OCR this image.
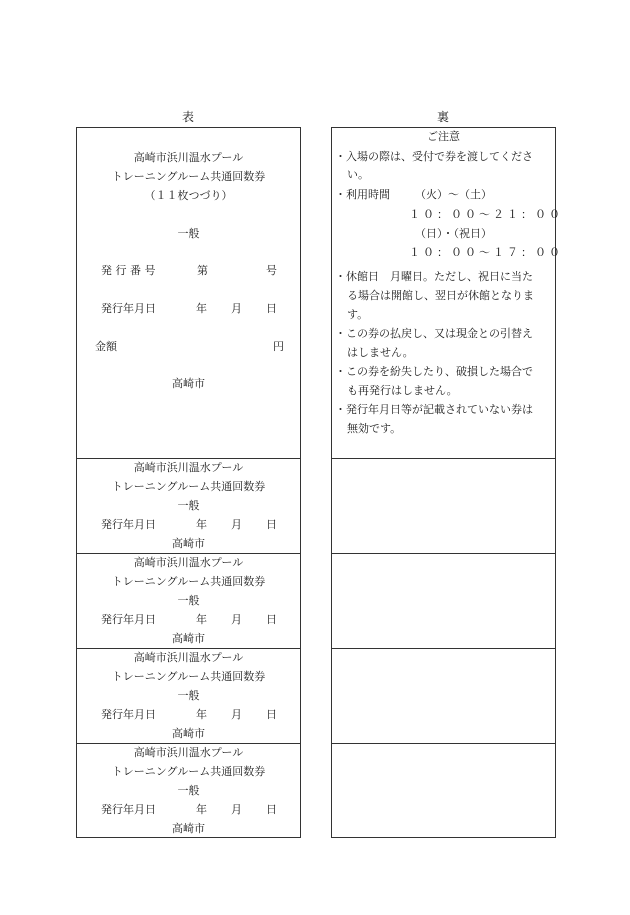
表	裏
高崎市浜川温水プール
トレーニングルーム共通回数券
（１１枚つづり）
一般
発 行 番 号	第	号
発行年月日	年 月 日
金額	円
高崎市
高崎市浜川温水プール
トレーニングルーム共通回数券
一般
発行年月日	年 月 日
高崎市
高崎市浜川温水プール
トレーニングルーム共通回数券
一般
発行年月日	年 月 日
高崎市
高崎市浜川温水プール
トレーニングルーム共通回数券
一般
発行年月日	年 月 日
高崎市
高崎市浜川温水プール
トレーニングルーム共通回数券
一般
発行年月日	年 月 日
高崎市
ご注意
・入場の際は、受付で券を渡してくださ
い。
・利用時間 （火）～（土）
１０：００～２１：００
（日）・（祝日）
１０：００～１７：００
・休館日　月曜日。ただし、祝日に当た
る場合は開館し、翌日が休館となりま
す。
・この券の払戻し、又は現金との引替え
はしません。
・この券を紛失したり、破損した場合で
も再発行はしません。
・発行年月日等が記載されていない券は
無効です。
